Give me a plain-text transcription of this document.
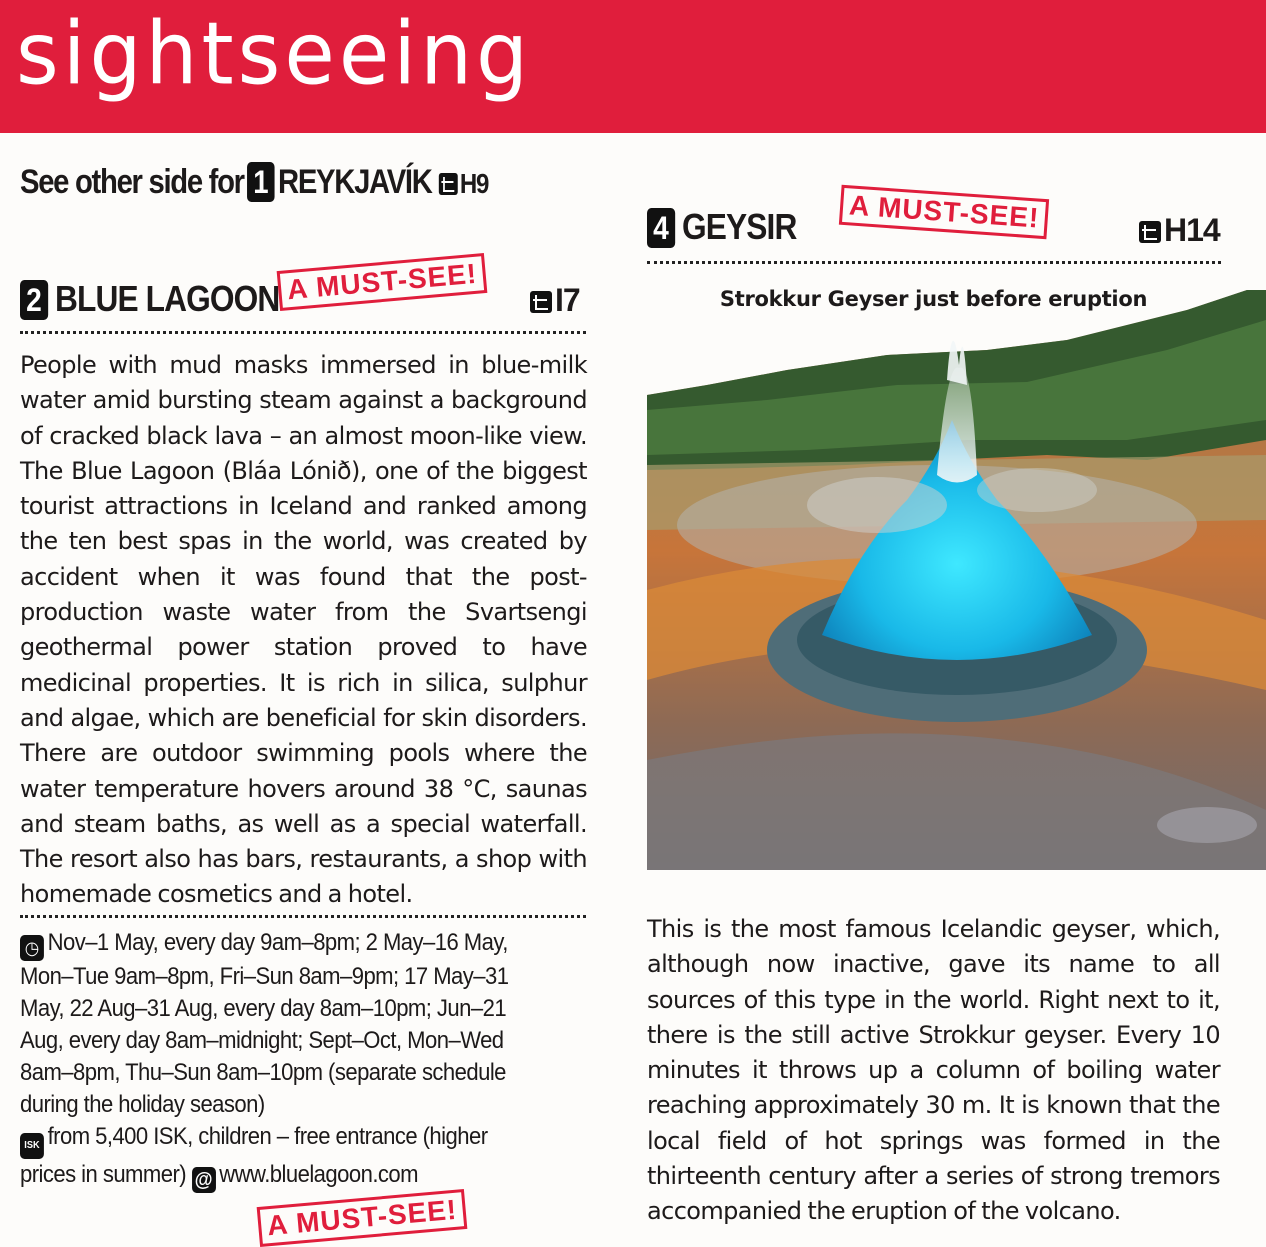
sightseeing
See other side for 1 REYKJAVÍK H9
2 BLUE LAGOON A MUST-SEE!	I7
People with mud masks immersed in blue-milk water amid bursting steam against a background of cracked black lava – an almost moon-like view. The Blue Lagoon (Bláa Lónið), one of the biggest tourist attractions in Iceland and ranked among the ten best spas in the world, was created by accident when it was found that the post-production waste water from the Svartsengi geothermal power station proved to have medicinal properties. It is rich in silica, sulphur and algae, which are beneficial for skin disorders. There are outdoor swimming pools where the water temperature hovers around 38 °C, saunas and steam baths, as well as a special waterfall. The resort also has bars, restaurants, a shop with homemade cosmetics and a hotel.
◷Nov–1 May, every day 9am–8pm; 2 May–16 May, Mon–Tue 9am–8pm, Fri–Sun 8am–9pm; 17 May–31 May, 22 Aug–31 Aug, every day 8am–10pm; Jun–21 Aug, every day 8am–midnight; Sept–Oct, Mon–Wed 8am–8pm, Thu–Sun 8am–10pm (separate schedule during the holiday season)
ISK from 5,400 ISK, children – free entrance (higher prices in summer) @ www.bluelagoon.com
A MUST-SEE!
4 GEYSIR	A MUST-SEE!	H14
Strokkur Geyser just before eruption
This is the most famous Icelandic geyser, which, although now inactive, gave its name to all sources of this type in the world. Right next to it, there is the still active Strokkur geyser. Every 10 minutes it throws up a column of boiling water reaching approximately 30 m. It is known that the local field of hot springs was formed in the thirteenth century after a series of strong tremors accompanied the eruption of the volcano.
